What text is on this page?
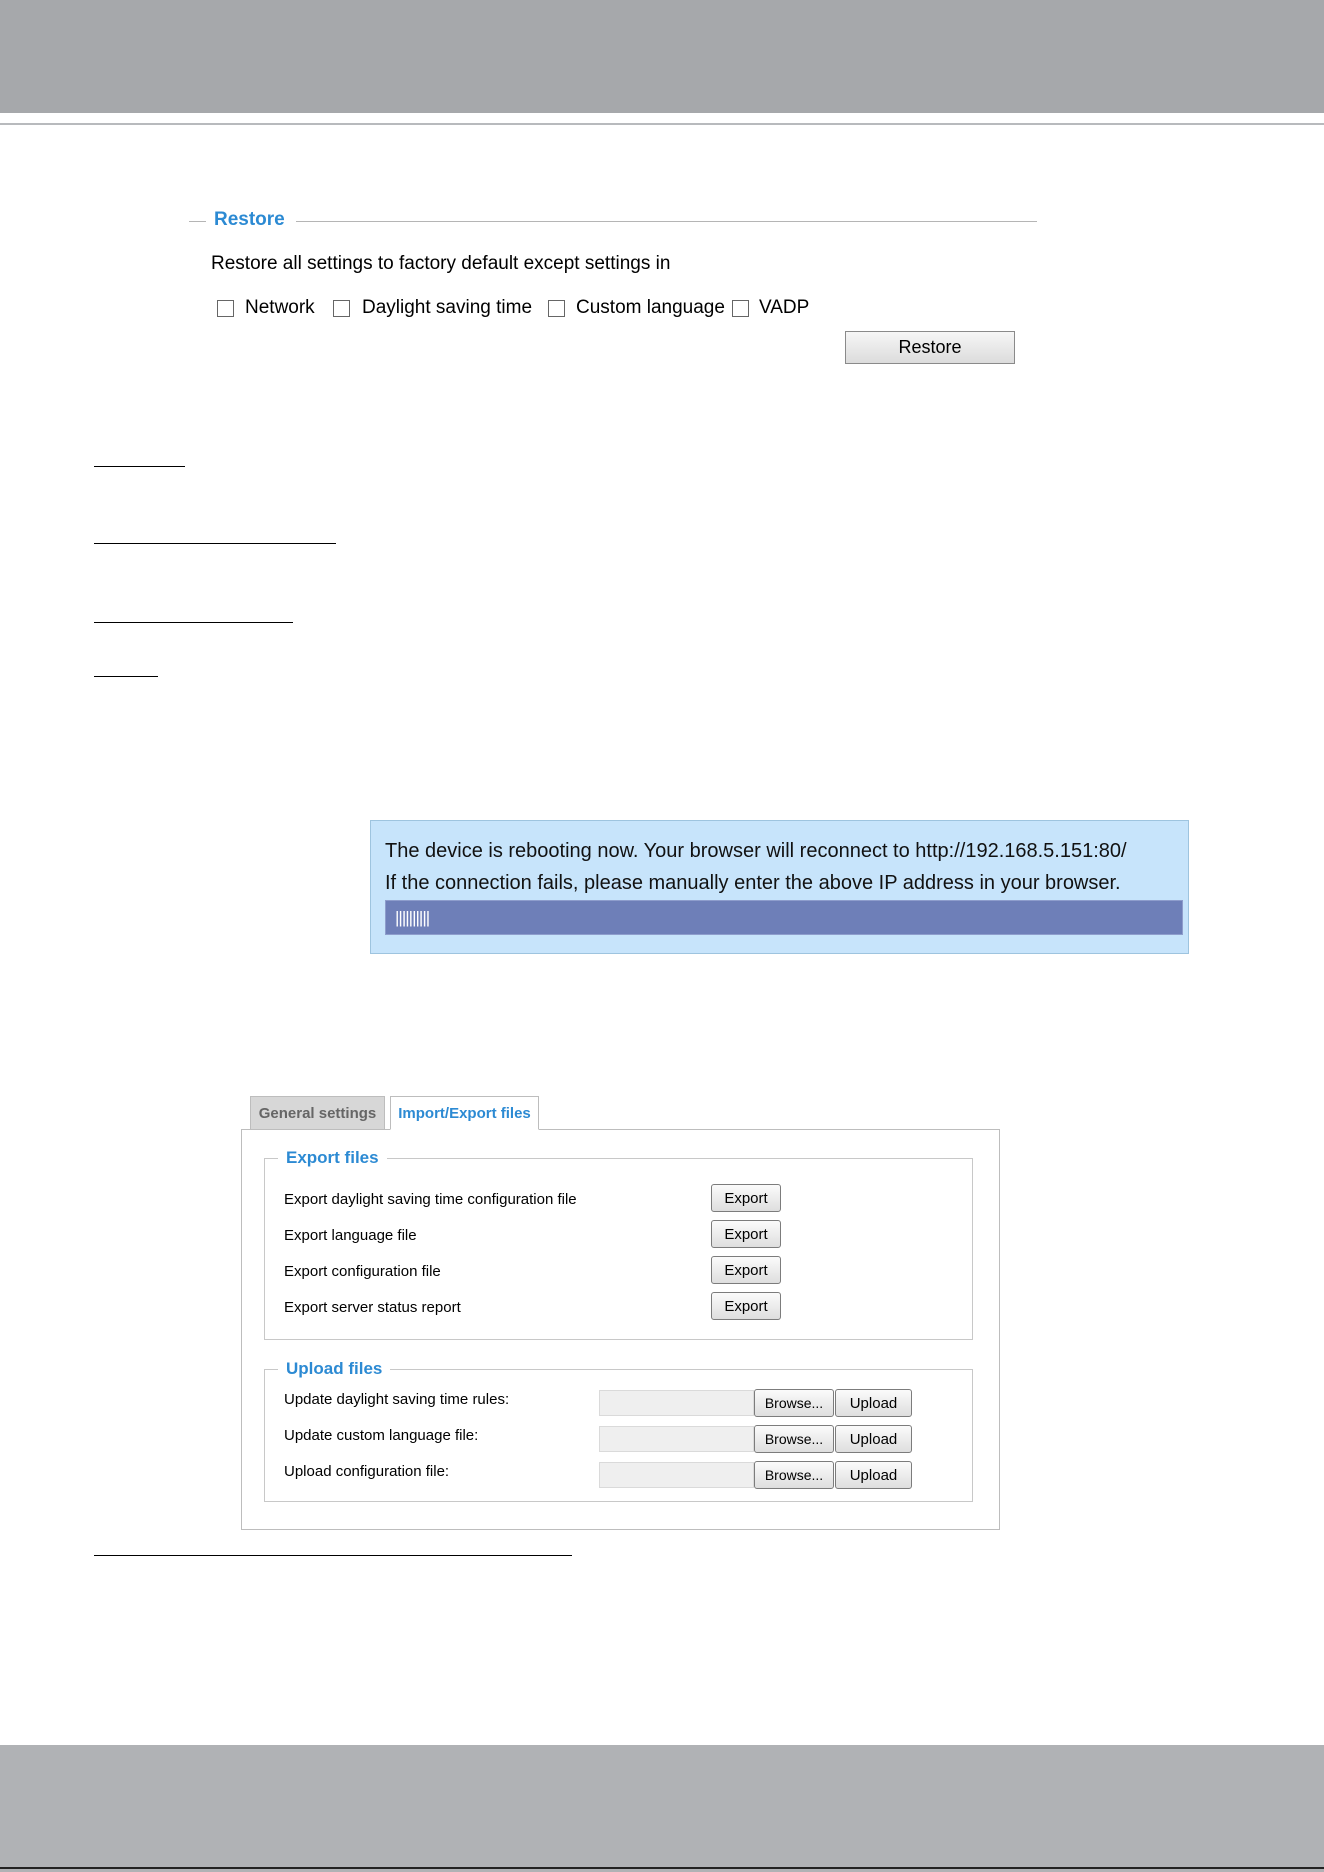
Restore
Restore all settings to factory default except settings in
Network Daylight saving time Custom language VADP
Restore
The device is rebooting now. Your browser will reconnect to http://192.168.5.151:80/
If the connection fails, please manually enter the above IP address in your browser.
||||||||||
General settings	Import/Export files
Export files
Export daylight saving time configuration file	Export
Export language file	Export
Export configuration file	Export
Export server status report	Export
Upload files
Update daylight saving time rules:	Browse...	Upload
Update custom language file:	Browse...	Upload
Upload configuration file:	Browse...	Upload
